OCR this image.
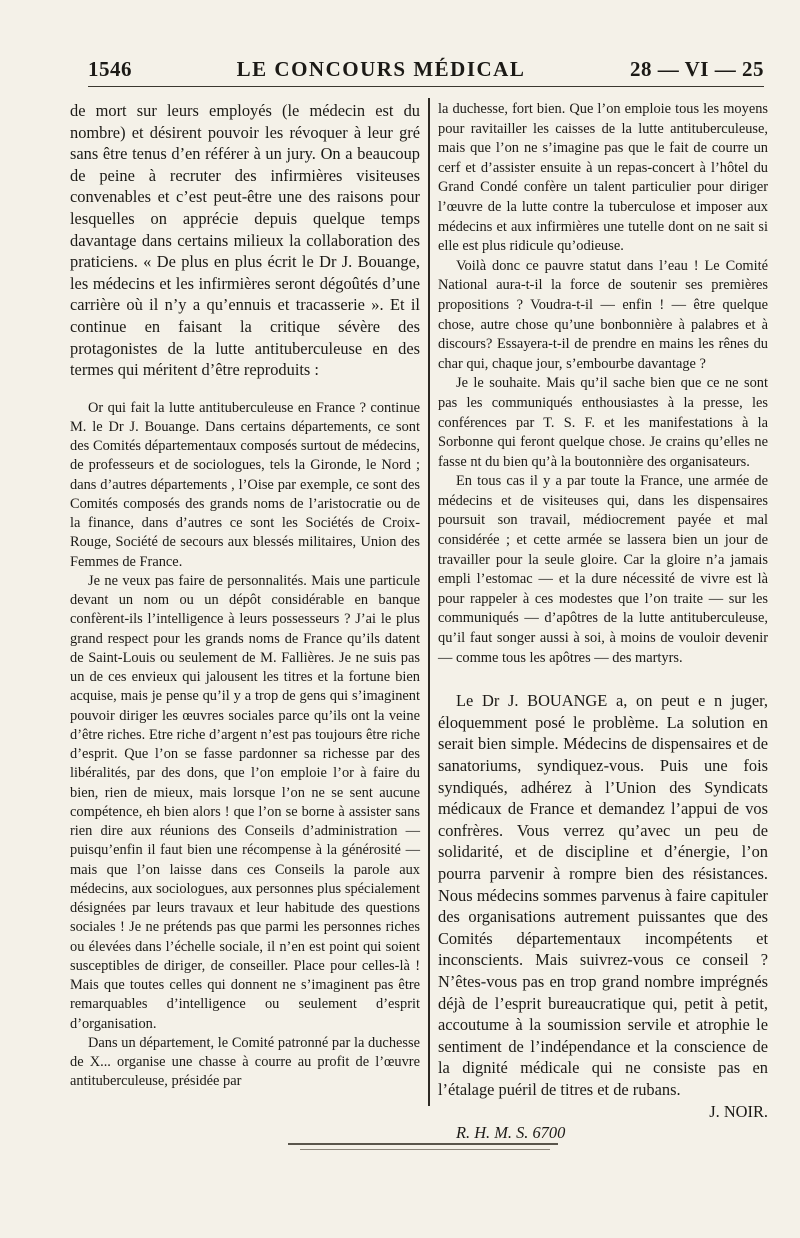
1546	LE CONCOURS MÉDICAL	28 — VI — 25

de mort sur leurs employés (le médecin est du nombre) et désirent pouvoir les révoquer à leur gré sans être tenus d’en référer à un jury. On a beaucoup de peine à recruter des infirmières visiteuses convenables et c’est peut-être une des raisons pour lesquelles on apprécie depuis quelque temps davantage dans certains milieux la collaboration des praticiens. « De plus en plus écrit le Dr J. Bouange, les médecins et les infirmières seront dégoûtés d’une carrière où il n’y a qu’ennuis et tracasserie ». Et il continue en faisant la critique sévère des protagonistes de la lutte antituberculeuse en des termes qui méritent d’être reproduits :

Or qui fait la lutte antituberculeuse en France ? continue M. le Dr J. Bouange. Dans certains départements, ce sont des Comités départementaux composés surtout de médecins, de professeurs et de sociologues, tels la Gironde, le Nord ; dans d’autres départements , l’Oise par exemple, ce sont des Comités composés des grands noms de l’aristocratie ou de la finance, dans d’autres ce sont les Sociétés de Croix-Rouge, Société de secours aux blessés militaires, Union des Femmes de France.

Je ne veux pas faire de personnalités. Mais une particule devant un nom ou un dépôt considérable en banque confèrent-ils l’intelligence à leurs possesseurs ? J’ai le plus grand respect pour les grands noms de France qu’ils datent de Saint-Louis ou seulement de M. Fallières. Je ne suis pas un de ces envieux qui jalousent les titres et la fortune bien acquise, mais je pense qu’il y a trop de gens qui s’imaginent pouvoir diriger les œuvres sociales parce qu’ils ont la veine d’être riches. Etre riche d’argent n’est pas toujours être riche d’esprit. Que l’on se fasse pardonner sa richesse par des libéralités, par des dons, que l’on emploie l’or à faire du bien, rien de mieux, mais lorsque l’on ne se sent aucune compétence, eh bien alors ! que l’on se borne à assister sans rien dire aux réunions des Conseils d’administration — puisqu’enfin il faut bien une récompense à la générosité — mais que l’on laisse dans ces Conseils la parole aux médecins, aux sociologues, aux personnes plus spécialement désignées par leurs travaux et leur habitude des questions sociales ! Je ne prétends pas que parmi les personnes riches ou élevées dans l’échelle sociale, il n’en est point qui soient susceptibles de diriger, de conseiller. Place pour celles-là ! Mais que toutes celles qui donnent ne s’imaginent pas être remarquables d’intelligence ou seulement d’esprit d’organisation.

Dans un département, le Comité patronné par la duchesse de X... organise une chasse à courre au profit de l’œuvre antituberculeuse, présidée par

la duchesse, fort bien. Que l’on emploie tous les moyens pour ravitailler les caisses de la lutte antituberculeuse, mais que l’on ne s’imagine pas que le fait de courre un cerf et d’assister ensuite à un repas-concert à l’hôtel du Grand Condé confère un talent particulier pour diriger l’œuvre de la lutte contre la tuberculose et imposer aux médecins et aux infirmières une tutelle dont on ne sait si elle est plus ridicule qu’odieuse.

Voilà donc ce pauvre statut dans l’eau ! Le Comité National aura-t-il la force de soutenir ses premières propositions ? Voudra-t-il — enfin ! — être quelque chose, autre chose qu’une bonbonnière à palabres et à discours? Essayera-t-il de prendre en mains les rênes du char qui, chaque jour, s’embourbe davantage ?

Je le souhaite. Mais qu’il sache bien que ce ne sont pas les communiqués enthousiastes à la presse, les conférences par T. S. F. et les manifestations à la Sorbonne qui feront quelque chose. Je crains qu’elles ne fasse nt du bien qu’à la boutonnière des organisateurs.

En tous cas il y a par toute la France, une armée de médecins et de visiteuses qui, dans les dispensaires poursuit son travail, médiocrement payée et mal considérée ; et cette armée se lassera bien un jour de travailler pour la seule gloire. Car la gloire n’a jamais empli l’estomac — et la dure nécessité de vivre est là pour rappeler à ces modestes que l’on traite — sur les communiqués — d’apôtres de la lutte antituberculeuse, qu’il faut songer aussi à soi, à moins de vouloir devenir — comme tous les apôtres — des martyrs.

Le Dr J. BOUANGE a, on peut e n juger, éloquemment posé le problème. La solution en serait bien simple. Médecins de dispensaires et de sanatoriums, syndiquez-vous. Puis une fois syndiqués, adhérez à l’Union des Syndicats médicaux de France et demandez l’appui de vos confrères. Vous verrez qu’avec un peu de solidarité, et de discipline et d’énergie, l’on pourra parvenir à rompre bien des résistances. Nous médecins sommes parvenus à faire capituler des organisations autrement puissantes que des Comités départementaux incompétents et inconscients. Mais suivrez-vous ce conseil ? N’êtes-vous pas en trop grand nombre imprégnés déjà de l’esprit bureaucratique qui, petit à petit, accoutume à la soumission servile et atrophie le sentiment de l’indépendance et la conscience de la dignité médicale qui ne consiste pas en l’étalage puéril de titres et de rubans.

J. NOIR.

R. H. M. S. 6700
